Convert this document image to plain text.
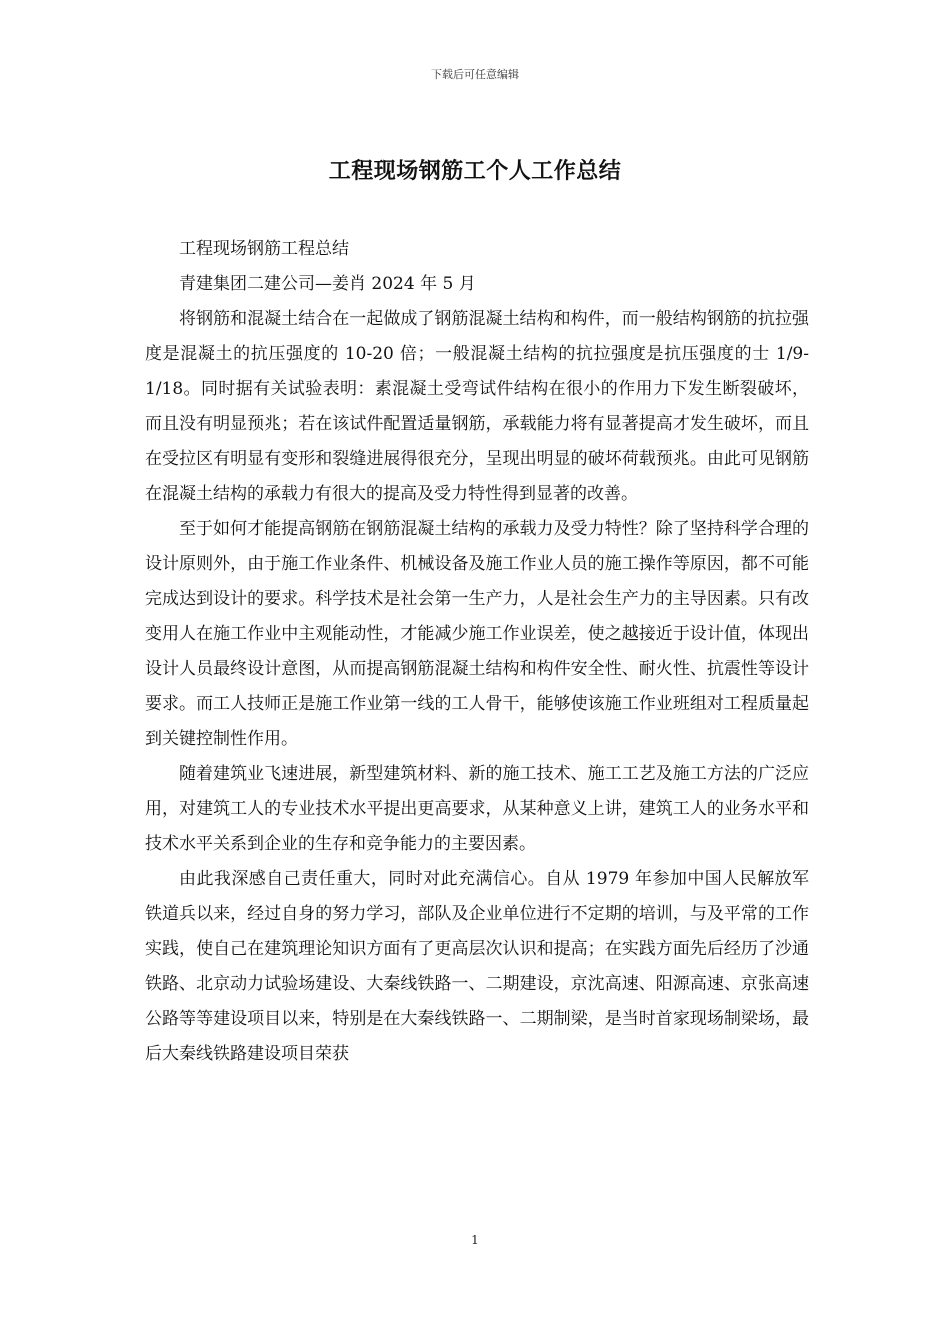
下载后可任意编辑
工程现场钢筋工个人工作总结

工程现场钢筋工程总结

青建集团二建公司—姜肖 2024 年 5 月

将钢筋和混凝土结合在一起做成了钢筋混凝土结构和构件，而一般结构钢筋的抗拉强度是混凝土的抗压强度的 10-20 倍；一般混凝土结构的抗拉强度是抗压强度的士 1/9-1/18。同时据有关试验表明：素混凝土受弯试件结构在很小的作用力下发生断裂破坏，而且没有明显预兆；若在该试件配置适量钢筋，承载能力将有显著提高才发生破坏，而且在受拉区有明显有变形和裂缝进展得很充分，呈现出明显的破坏荷载预兆。由此可见钢筋在混凝土结构的承载力有很大的提高及受力特性得到显著的改善。

至于如何才能提高钢筋在钢筋混凝土结构的承载力及受力特性？除了坚持科学合理的设计原则外，由于施工作业条件、机械设备及施工作业人员的施工操作等原因，都不可能完成达到设计的要求。科学技术是社会第一生产力，人是社会生产力的主导因素。只有改变用人在施工作业中主观能动性，才能减少施工作业误差，使之越接近于设计值，体现出设计人员最终设计意图，从而提高钢筋混凝土结构和构件安全性、耐火性、抗震性等设计要求。而工人技师正是施工作业第一线的工人骨干，能够使该施工作业班组对工程质量起到关键控制性作用。

随着建筑业飞速进展，新型建筑材料、新的施工技术、施工工艺及施工方法的广泛应用，对建筑工人的专业技术水平提出更高要求，从某种意义上讲，建筑工人的业务水平和技术水平关系到企业的生存和竞争能力的主要因素。

由此我深感自己责任重大，同时对此充满信心。自从 1979 年参加中国人民解放军铁道兵以来，经过自身的努力学习，部队及企业单位进行不定期的培训，与及平常的工作实践，使自己在建筑理论知识方面有了更高层次认识和提高；在实践方面先后经历了沙通铁路、北京动力试验场建设、大秦线铁路一、二期建设，京沈高速、阳源高速、京张高速公路等等建设项目以来，特别是在大秦线铁路一、二期制梁，是当时首家现场制梁场，最后大秦线铁路建设项目荣获

1
